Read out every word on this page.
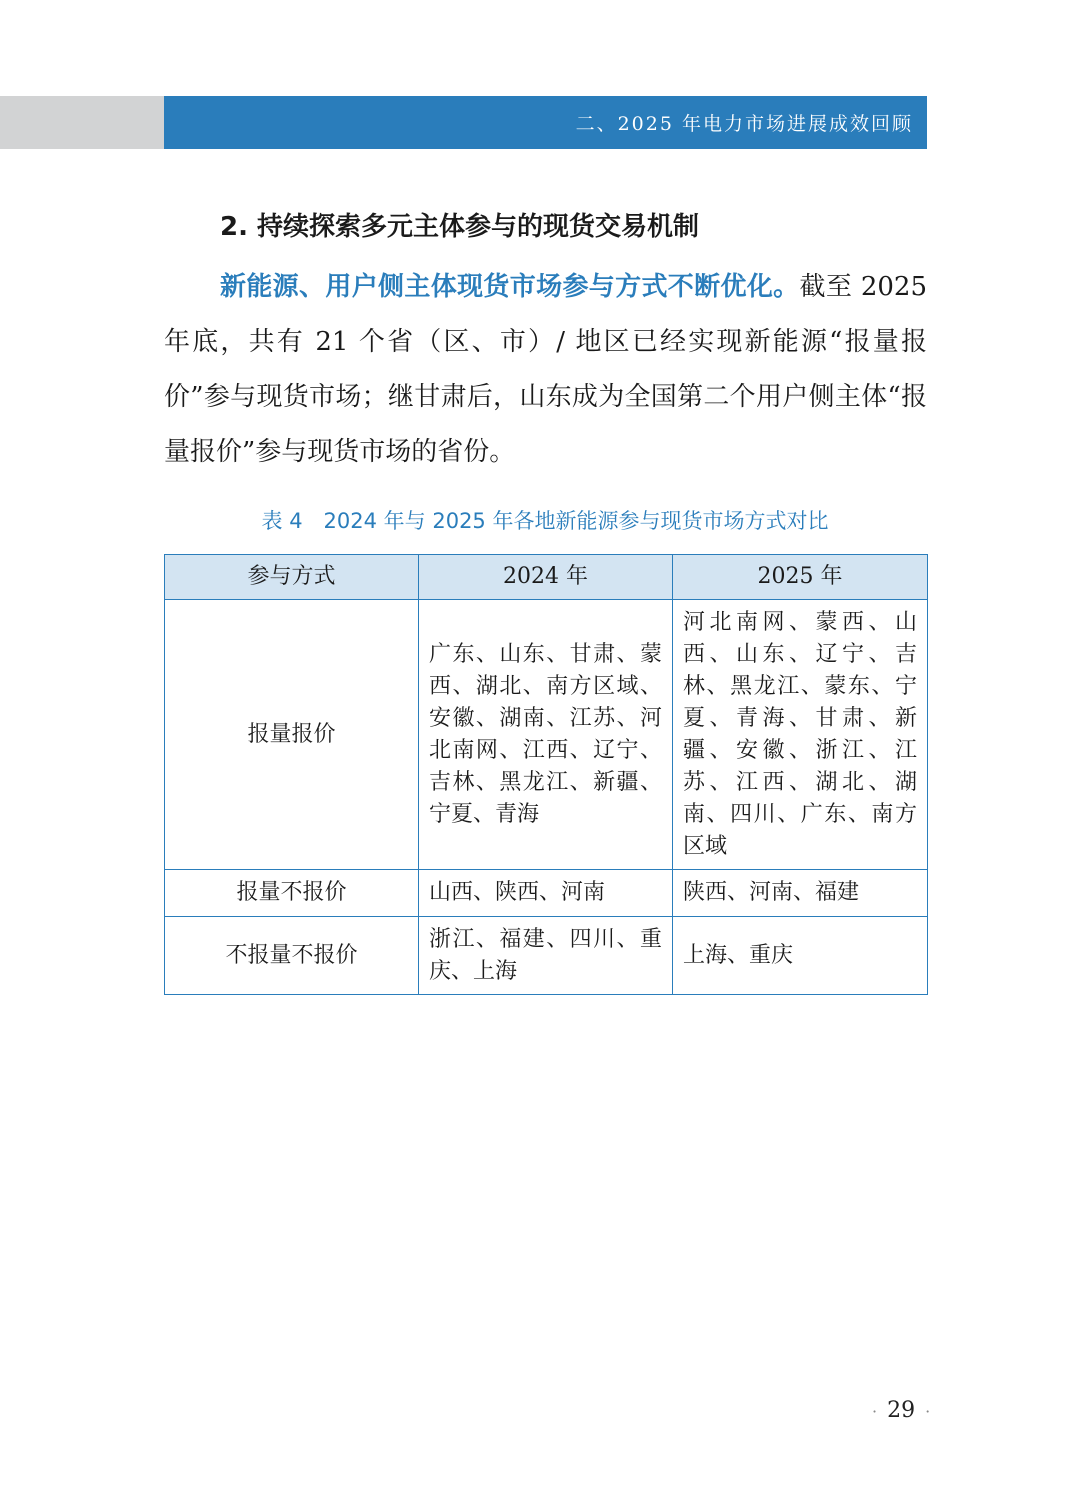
二、2025 年电力市场进展成效回顾
2. 持续探索多元主体参与的现货交易机制

新能源、用户侧主体现货市场参与方式不断优化。截至 2025 年底，共有 21 个省（区、市）/ 地区已经实现新能源“报量报价”参与现货市场；继甘肃后，山东成为全国第二个用户侧主体“报量报价”参与现货市场的省份。

表 4　2024 年与 2025 年各地新能源参与现货市场方式对比
参与方式	2024 年	2025 年
报量报价	广东、山东、甘肃、蒙西、湖北、南方区域、安徽、湖南、江苏、河北南网、江西、辽宁、吉林、黑龙江、新疆、宁夏、青海	河北南网、蒙西、山西、山东、辽宁、吉林、黑龙江、蒙东、宁夏、青海、甘肃、新疆、安徽、浙江、江苏、江西、湖北、湖南、四川、广东、南方区域
报量不报价	山西、陕西、河南	陕西、河南、福建
不报量不报价	浙江、福建、四川、重庆、上海	上海、重庆
· 29 ·
